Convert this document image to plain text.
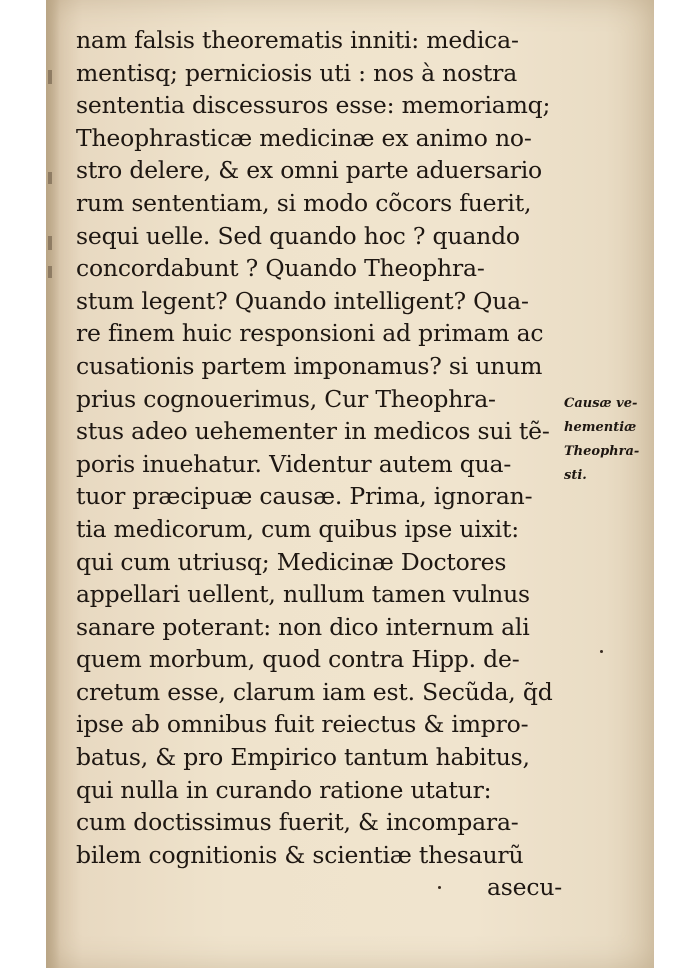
nam falsis theorematis inniti: medica-
mentisq; perniciosis uti : nos à nostra
sententia discessuros esse: memoriamq;
Theophrasticæ medicinæ ex animo no-
stro delere, & ex omni parte aduersario
rum sententiam, si modo cõcors fuerit,
sequi uelle. Sed quando hoc ? quando
concordabunt ? Quando Theophra-
stum legent? Quando intelligent? Qua-
re finem huic responsioni ad primam ac
cusationis partem imponamus? si unum
prius cognouerimus, Cur Theophra-
stus adeo uehementer in medicos sui tẽ-
poris inuehatur. Videntur autem qua-
tuor præcipuæ causæ. Prima, ignoran-
tia medicorum, cum quibus ipse uixit:
qui cum utriusq; Medicinæ Doctores
appellari uellent, nullum tamen vulnus
sanare poterant: non dico internum ali
quem morbum, quod contra Hipp. de-
cretum esse, clarum iam est. Secũda, q̃d
ipse ab omnibus fuit reiectus & impro-
batus, & pro Empirico tantum habitus,
qui nulla in curando ratione utatur:
cum doctissimus fuerit, & incompara-
bilem cognitionis & scientiæ thesaurũ
asecu-
Causæ ve-
hementiæ
Theophra-
sti.
